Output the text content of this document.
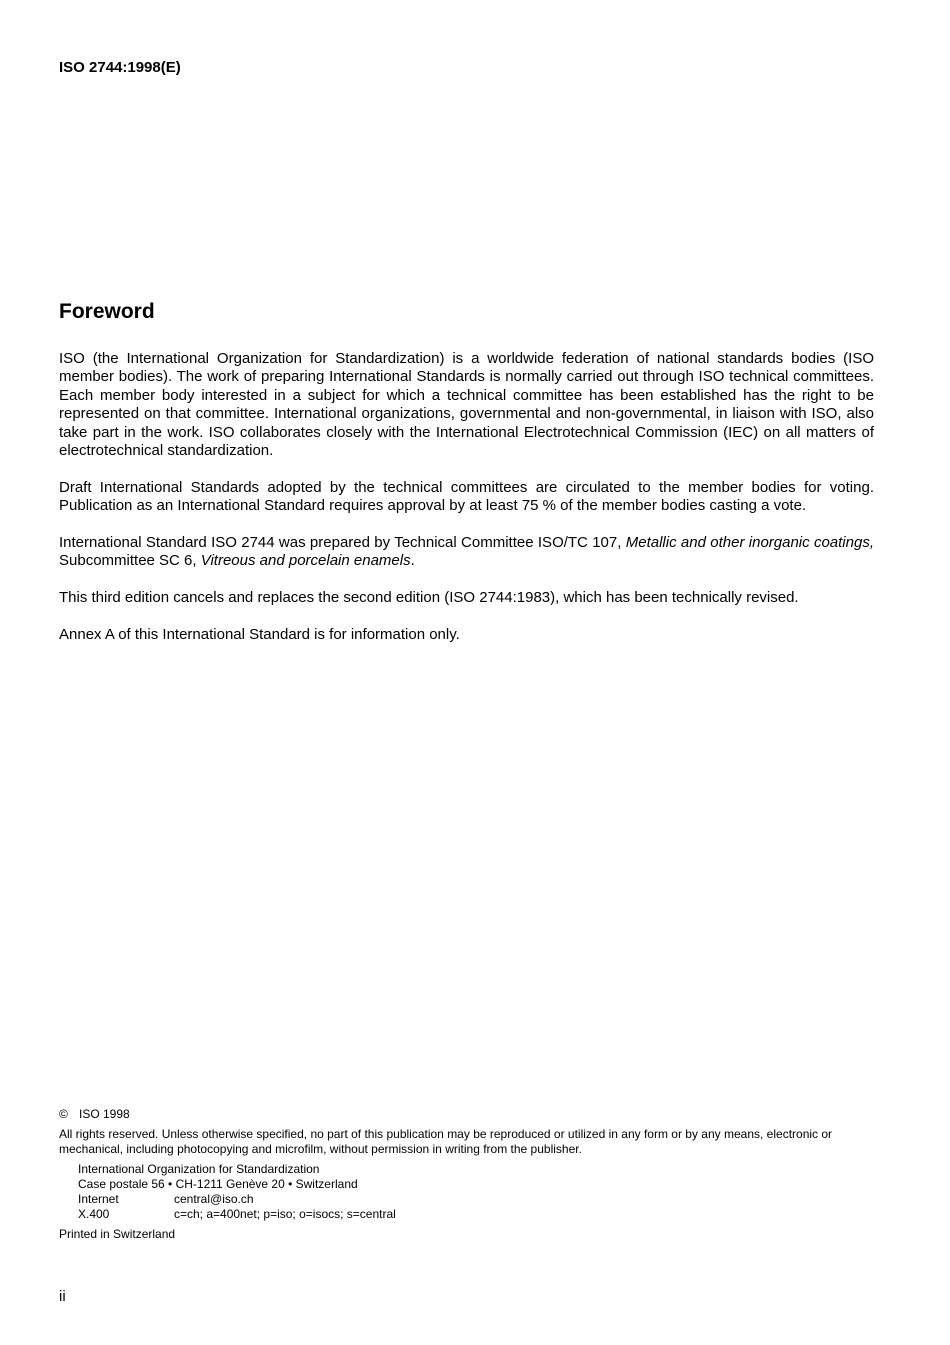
ISO 2744:1998(E)
Foreword

ISO (the International Organization for Standardization) is a worldwide federation of national standards bodies (ISO member bodies). The work of preparing International Standards is normally carried out through ISO technical committees. Each member body interested in a subject for which a technical committee has been established has the right to be represented on that committee. International organizations, governmental and non-governmental, in liaison with ISO, also take part in the work. ISO collaborates closely with the International Electrotechnical Commission (IEC) on all matters of electrotechnical standardization.

Draft International Standards adopted by the technical committees are circulated to the member bodies for voting. Publication as an International Standard requires approval by at least 75 % of the member bodies casting a vote.

International Standard ISO 2744 was prepared by Technical Committee ISO/TC 107, Metallic and other inorganic coatings, Subcommittee SC 6, Vitreous and porcelain enamels.

This third edition cancels and replaces the second edition (ISO 2744:1983), which has been technically revised.

Annex A of this International Standard is for information only.

© ISO 1998
All rights reserved. Unless otherwise specified, no part of this publication may be reproduced or utilized in any form or by any means, electronic or mechanical, including photocopying and microfilm, without permission in writing from the publisher.
International Organization for Standardization
Case postale 56 • CH-1211 Genève 20 • Switzerland
Internet	central@iso.ch
X.400	c=ch; a=400net; p=iso; o=isocs; s=central
Printed in Switzerland
ii
